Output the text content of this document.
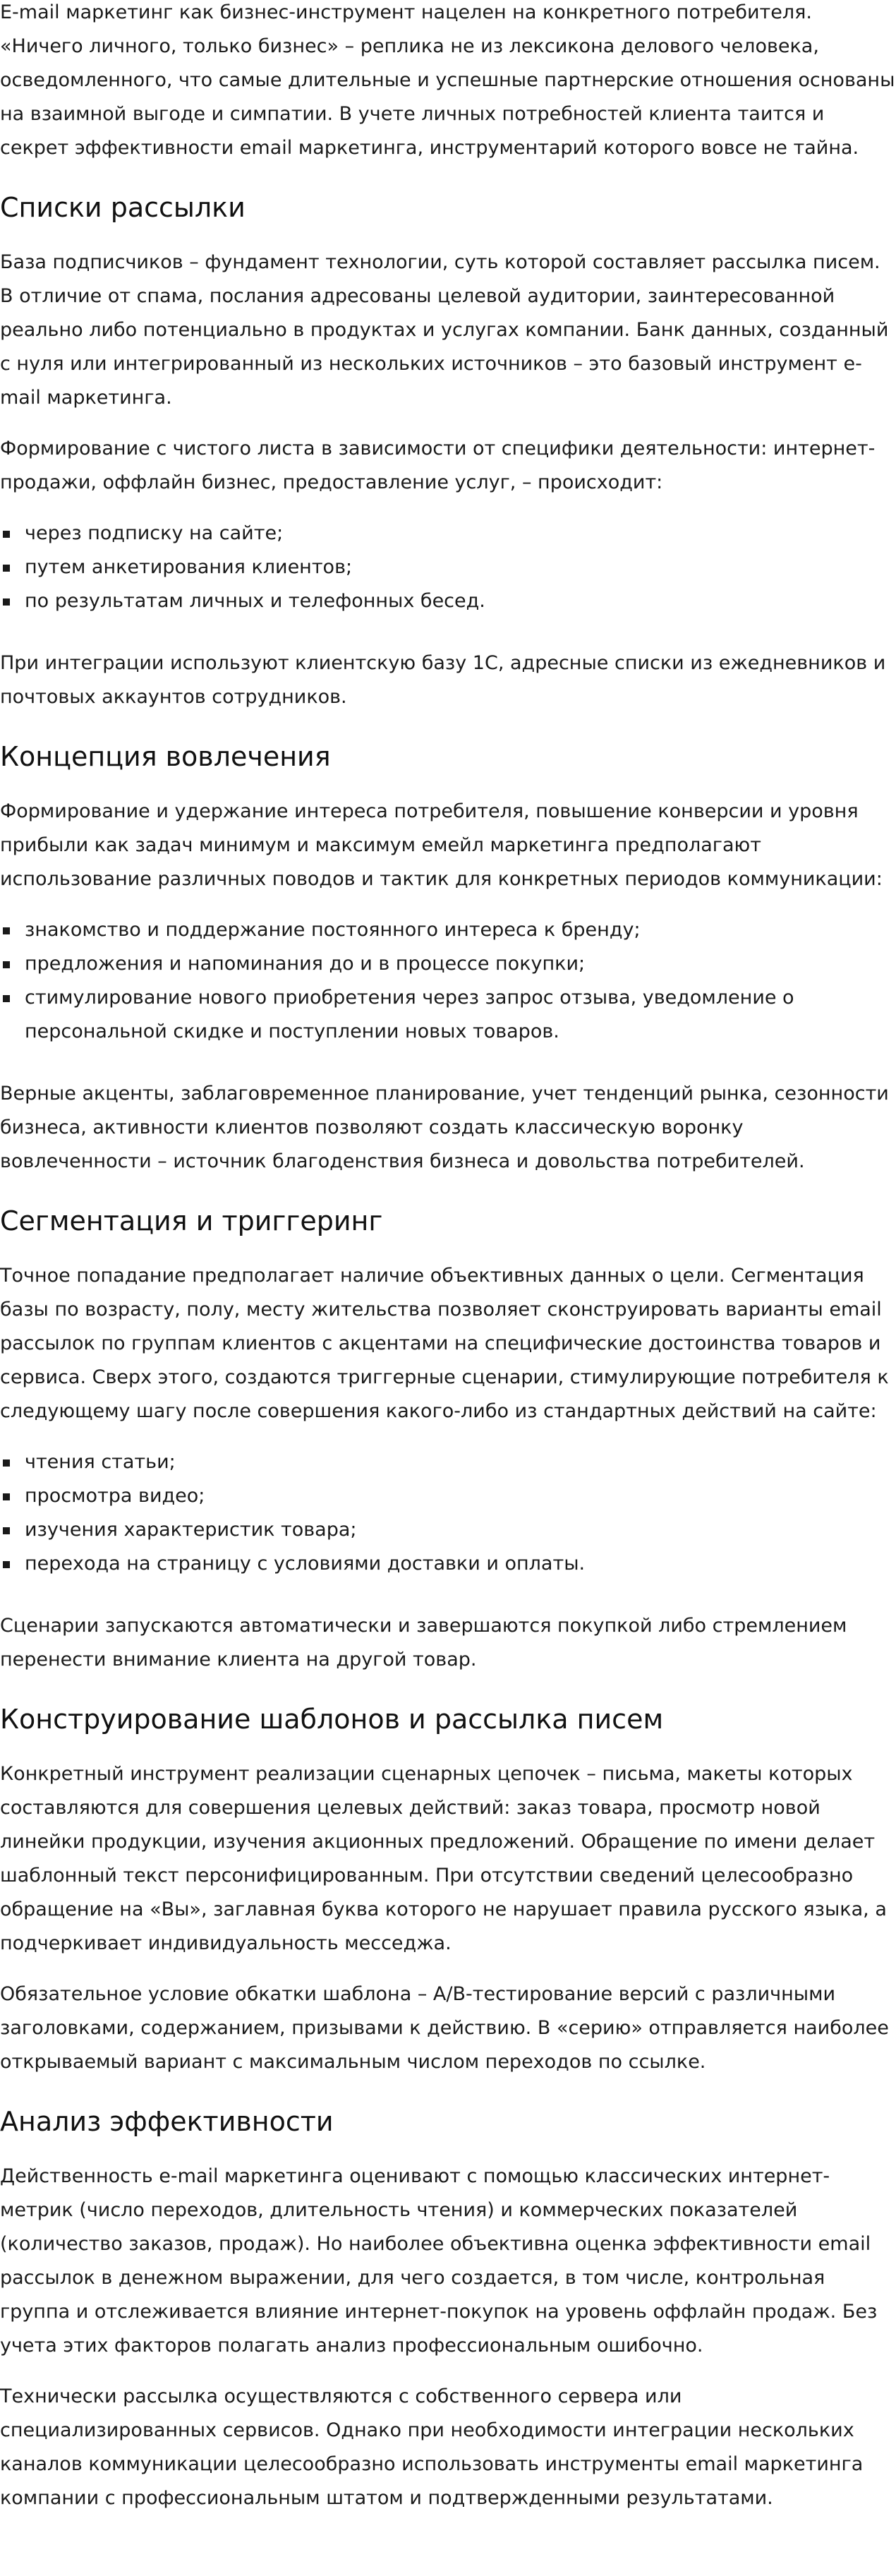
E-mail маркетинг как бизнес-инструмент нацелен на конкретного потребителя. «Ничего личного, только бизнес» – реплика не из лексикона делового человека, осведомленного, что самые длительные и успешные партнерские отношения основаны на взаимной выгоде и симпатии. В учете личных потребностей клиента таится и секрет эффективности email маркетинга, инструментарий которого вовсе не тайна.

Списки рассылки

База подписчиков – фундамент технологии, суть которой составляет рассылка писем. В отличие от спама, послания адресованы целевой аудитории, заинтересованной реально либо потенциально в продуктах и услугах компании. Банк данных, созданный с нуля или интегрированный из нескольких источников – это базовый инструмент e-mail маркетинга.

Формирование с чистого листа в зависимости от специфики деятельности: интернет-продажи, оффлайн бизнес, предоставление услуг, – происходит:

через подписку на сайте;
путем анкетирования клиентов;
по результатам личных и телефонных бесед.

При интеграции используют клиентскую базу 1С, адресные списки из ежедневников и почтовых аккаунтов сотрудников.

Концепция вовлечения

Формирование и удержание интереса потребителя, повышение конверсии и уровня прибыли как задач минимум и максимум емейл маркетинга предполагают использование различных поводов и тактик для конкретных периодов коммуникации:

знакомство и поддержание постоянного интереса к бренду;
предложения и напоминания до и в процессе покупки;
стимулирование нового приобретения через запрос отзыва, уведомление о персональной скидке и поступлении новых товаров.

Верные акценты, заблаговременное планирование, учет тенденций рынка, сезонности бизнеса, активности клиентов позволяют создать классическую воронку вовлеченности – источник благоденствия бизнеса и довольства потребителей.

Сегментация и триггеринг

Точное попадание предполагает наличие объективных данных о цели. Сегментация базы по возрасту, полу, месту жительства позволяет сконструировать варианты email рассылок по группам клиентов с акцентами на специфические достоинства товаров и сервиса. Сверх этого, создаются триггерные сценарии, стимулирующие потребителя к следующему шагу после совершения какого-либо из стандартных действий на сайте:

чтения статьи;
просмотра видео;
изучения характеристик товара;
перехода на страницу с условиями доставки и оплаты.

Сценарии запускаются автоматически и завершаются покупкой либо стремлением перенести внимание клиента на другой товар.

Конструирование шаблонов и рассылка писем

Конкретный инструмент реализации сценарных цепочек – письма, макеты которых составляются для совершения целевых действий: заказ товара, просмотр новой линейки продукции, изучения акционных предложений. Обращение по имени делает шаблонный текст персонифицированным. При отсутствии сведений целесообразно обращение на «Вы», заглавная буква которого не нарушает правила русского языка, а подчеркивает индивидуальность месседжа.

Обязательное условие обкатки шаблона – A/B-тестирование версий с различными заголовками, содержанием, призывами к действию. В «серию» отправляется наиболее открываемый вариант с максимальным числом переходов по ссылке.

Анализ эффективности

Действенность e-mail маркетинга оценивают с помощью классических интернет-метрик (число переходов, длительность чтения) и коммерческих показателей (количество заказов, продаж). Но наиболее объективна оценка эффективности email рассылок в денежном выражении, для чего создается, в том числе, контрольная группа и отслеживается влияние интернет-покупок на уровень оффлайн продаж. Без учета этих факторов полагать анализ профессиональным ошибочно.

Технически рассылка осуществляются с собственного сервера или специализированных сервисов. Однако при необходимости интеграции нескольких каналов коммуникации целесообразно использовать инструменты email маркетинга компании с профессиональным штатом и подтвержденными результатами.
